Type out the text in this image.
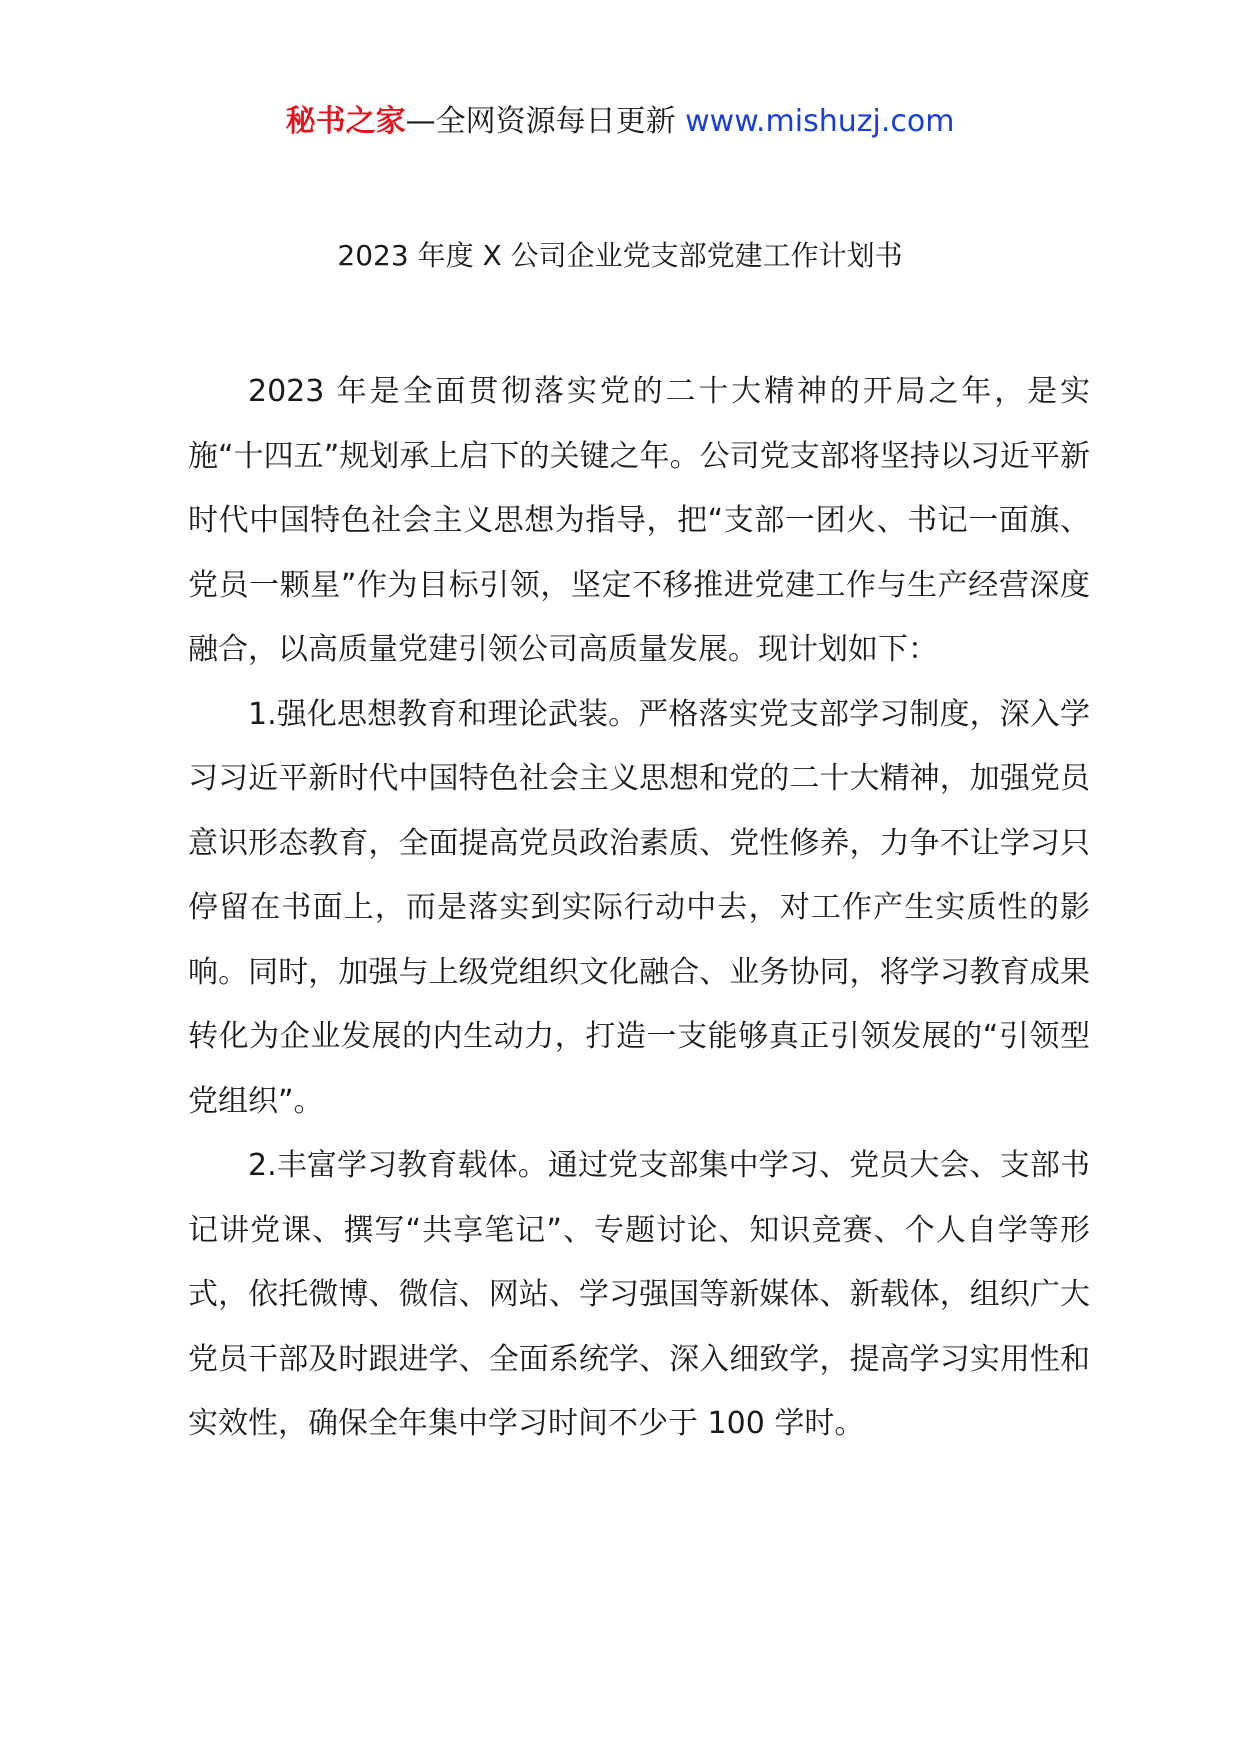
秘书之家—全网资源每日更新 www.mishuzj.com
2023 年度 X 公司企业党支部党建工作计划书

2023 年是全面贯彻落实党的二十大精神的开局之年，是实施“十四五”规划承上启下的关键之年。公司党支部将坚持以习近平新时代中国特色社会主义思想为指导，把“支部一团火、书记一面旗、党员一颗星”作为目标引领，坚定不移推进党建工作与生产经营深度融合，以高质量党建引领公司高质量发展。现计划如下：

1.强化思想教育和理论武装。严格落实党支部学习制度，深入学习习近平新时代中国特色社会主义思想和党的二十大精神，加强党员意识形态教育，全面提高党员政治素质、党性修养，力争不让学习只停留在书面上，而是落实到实际行动中去，对工作产生实质性的影响。同时，加强与上级党组织文化融合、业务协同，将学习教育成果转化为企业发展的内生动力，打造一支能够真正引领发展的“引领型党组织”。

2.丰富学习教育载体。通过党支部集中学习、党员大会、支部书记讲党课、撰写“共享笔记”、专题讨论、知识竞赛、个人自学等形式，依托微博、微信、网站、学习强国等新媒体、新载体，组织广大党员干部及时跟进学、全面系统学、深入细致学，提高学习实用性和实效性，确保全年集中学习时间不少于 100 学时。
